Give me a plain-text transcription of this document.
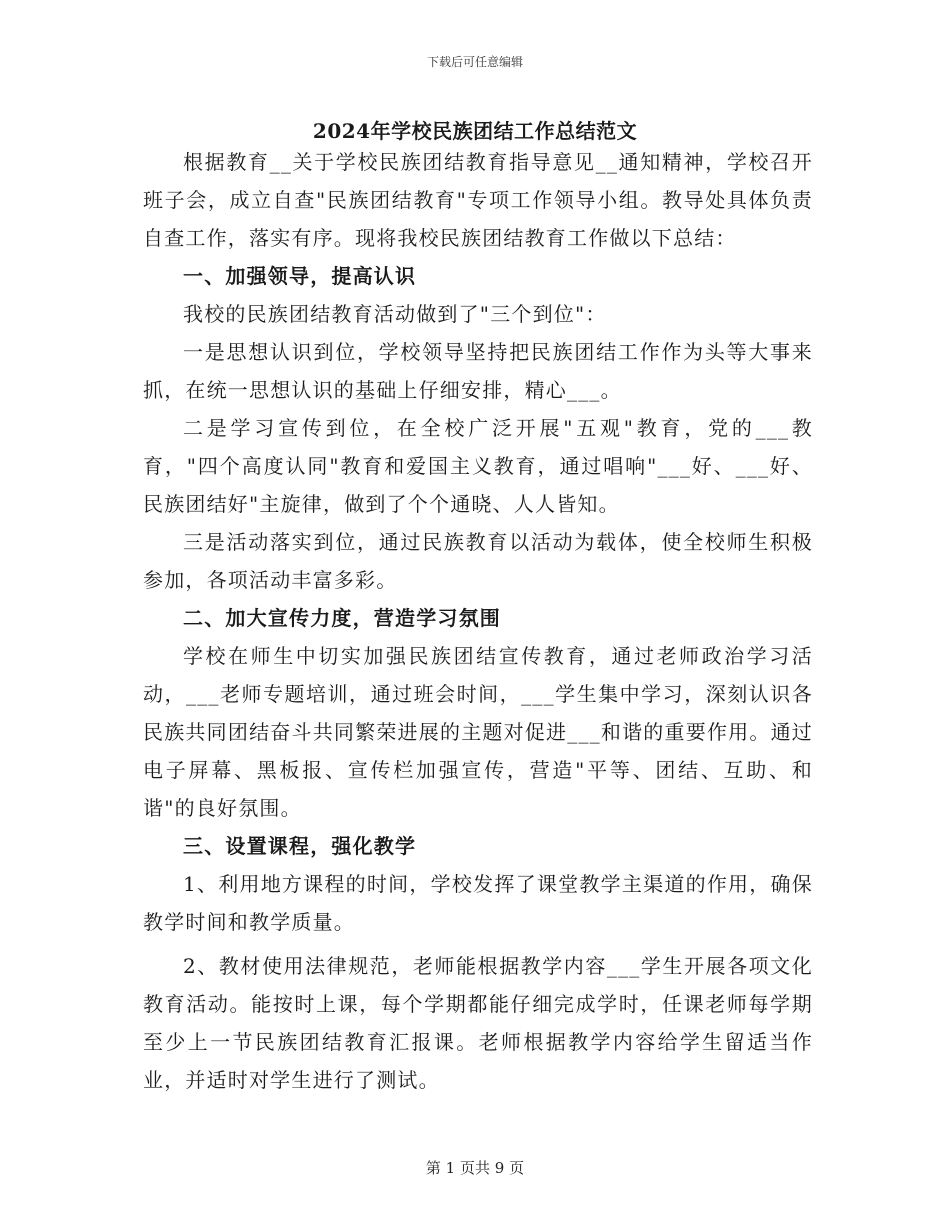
下载后可任意编辑
2024年学校民族团结工作总结范文

根据教育__关于学校民族团结教育指导意见__通知精神，学校召开班子会，成立自查"民族团结教育"专项工作领导小组。教导处具体负责自查工作，落实有序。现将我校民族团结教育工作做以下总结：

一、加强领导，提高认识

我校的民族团结教育活动做到了"三个到位"：

一是思想认识到位，学校领导坚持把民族团结工作作为头等大事来抓，在统一思想认识的基础上仔细安排，精心___。

二是学习宣传到位，在全校广泛开展"五观"教育，党的___教育，"四个高度认同"教育和爱国主义教育，通过唱响"___好、___好、民族团结好"主旋律，做到了个个通晓、人人皆知。

三是活动落实到位，通过民族教育以活动为载体，使全校师生积极参加，各项活动丰富多彩。

二、加大宣传力度，营造学习氛围

学校在师生中切实加强民族团结宣传教育，通过老师政治学习活动，___老师专题培训，通过班会时间，___学生集中学习，深刻认识各民族共同团结奋斗共同繁荣进展的主题对促进___和谐的重要作用。通过电子屏幕、黑板报、宣传栏加强宣传，营造"平等、团结、互助、和谐"的良好氛围。

三、设置课程，强化教学

1、利用地方课程的时间，学校发挥了课堂教学主渠道的作用，确保教学时间和教学质量。

2、教材使用法律规范，老师能根据教学内容___学生开展各项文化教育活动。能按时上课，每个学期都能仔细完成学时，任课老师每学期至少上一节民族团结教育汇报课。老师根据教学内容给学生留适当作业，并适时对学生进行了测试。

第 1 页共 9 页
